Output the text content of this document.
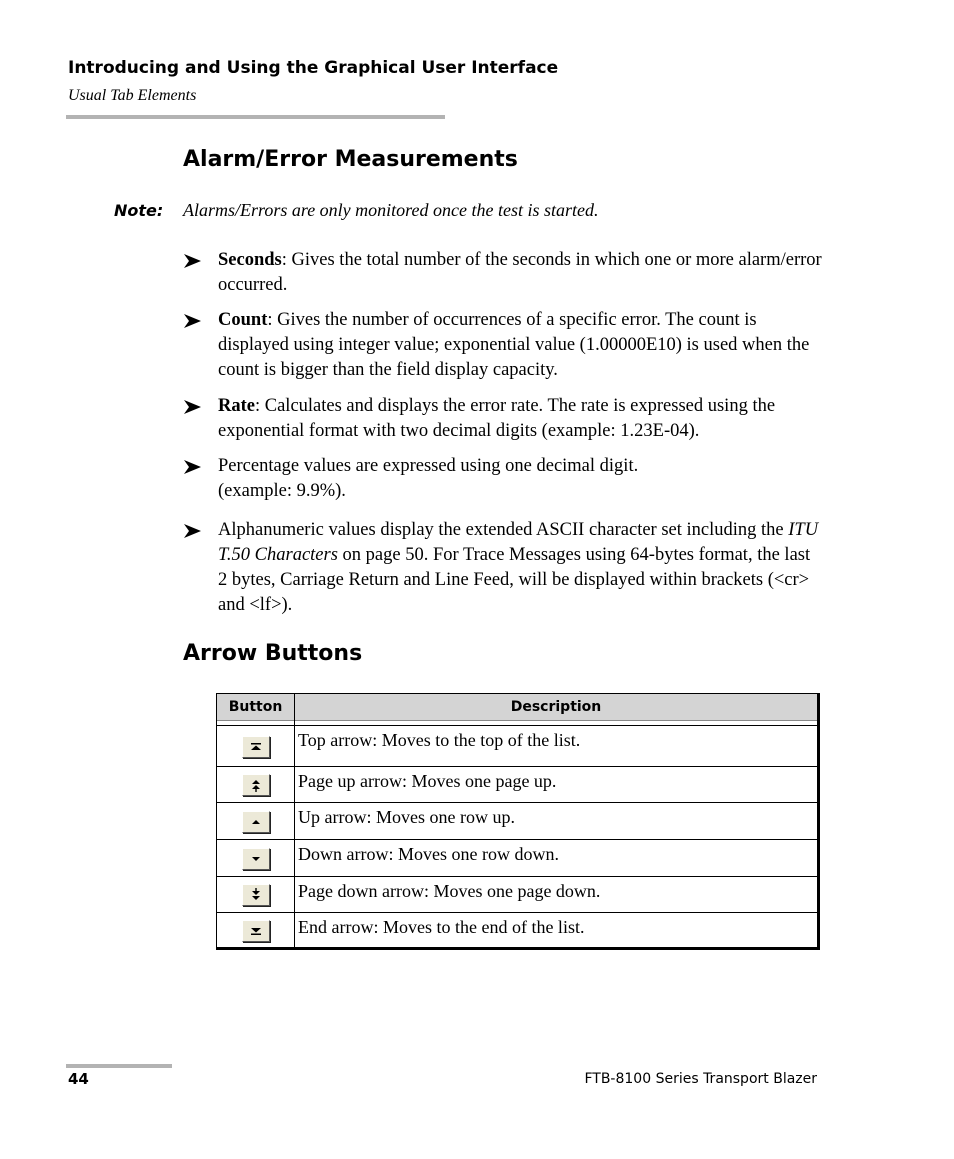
Introducing and Using the Graphical User Interface
Usual Tab Elements
Alarm/Error Measurements
Note: Alarms/Errors are only monitored once the test is started.
Seconds: Gives the total number of the seconds in which one or more alarm/error occurred.
Count: Gives the number of occurrences of a specific error. The count is displayed using integer value; exponential value (1.00000E10) is used when the count is bigger than the field display capacity.
Rate: Calculates and displays the error rate. The rate is expressed using the exponential format with two decimal digits (example: 1.23E-04).
Percentage values are expressed using one decimal digit.
(example: 9.9%).
Alphanumeric values display the extended ASCII character set including the ITU T.50 Characters on page 50. For Trace Messages using 64-bytes format, the last 2 bytes, Carriage Return and Line Feed, will be displayed within brackets (<cr> and <lf>).
Arrow Buttons
Button	Description

	Top arrow: Moves to the top of the list.

	Page up arrow: Moves one page up.

	Up arrow: Moves one row up.

	Down arrow: Moves one row down.

	Page down arrow: Moves one page down.

	End arrow: Moves to the end of the list.
44	FTB-8100 Series Transport Blazer
